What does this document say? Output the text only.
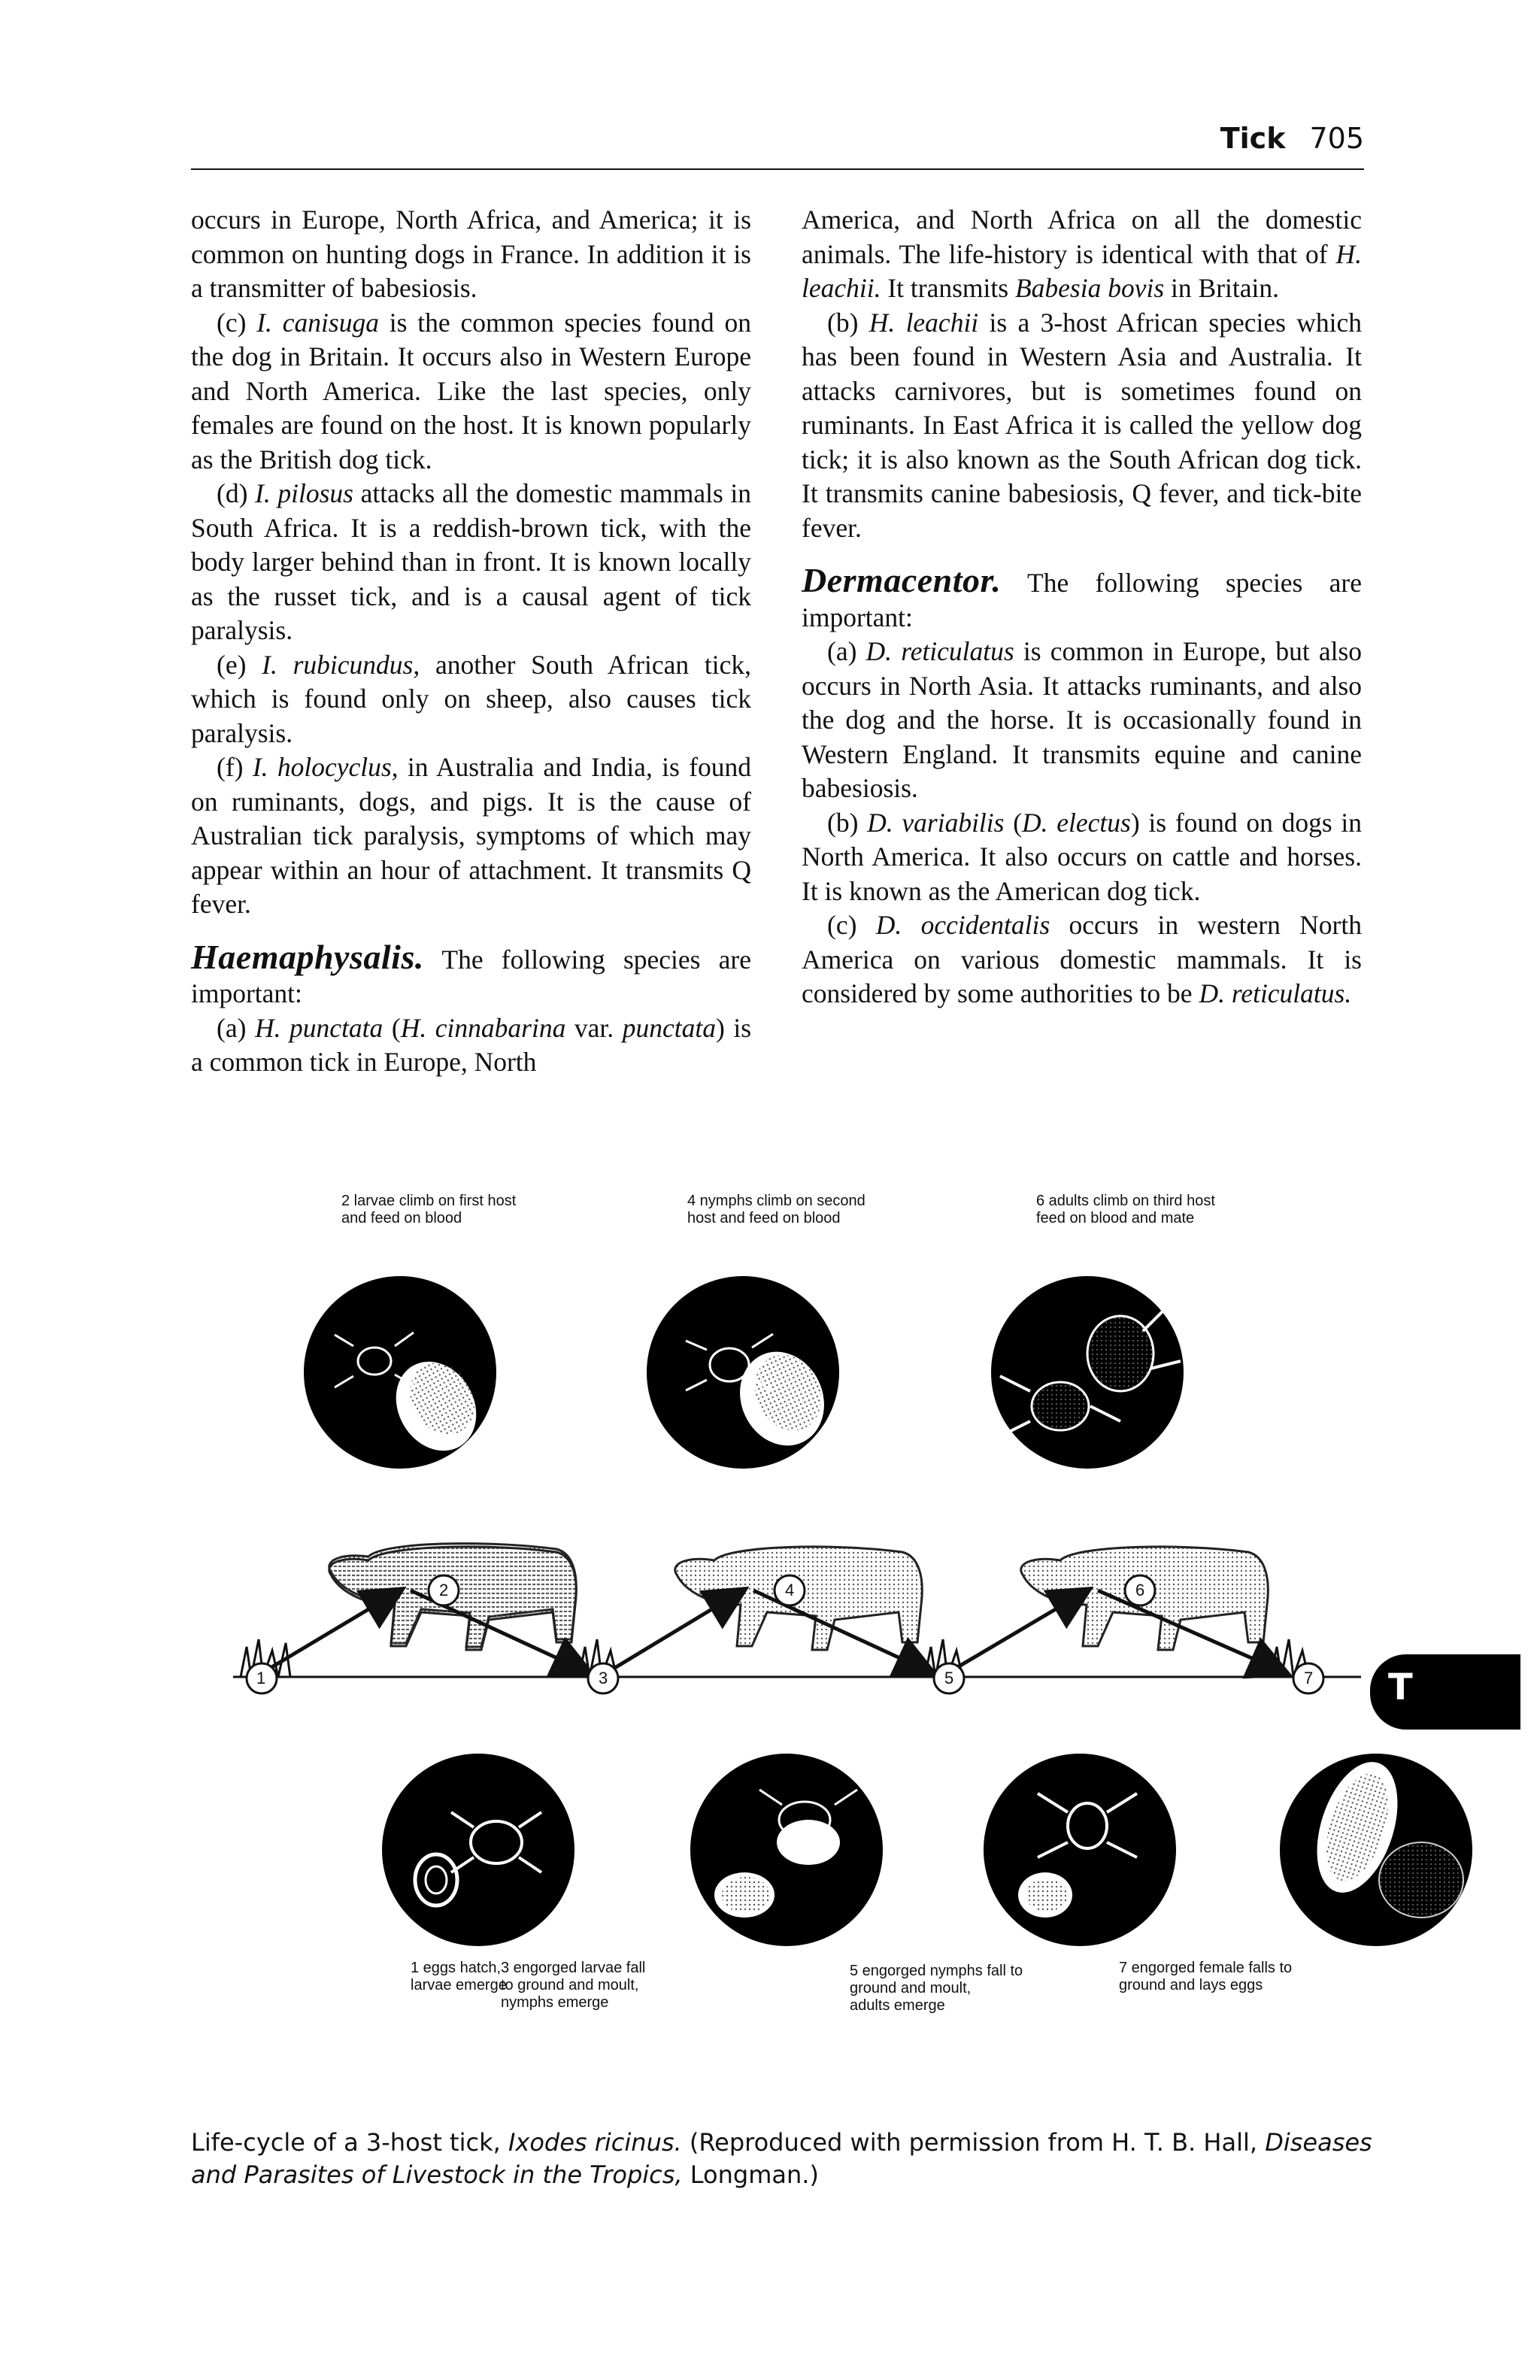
Tick 705

occurs in Europe, North Africa, and America; it is common on hunting dogs in France. In addition it is a transmitter of babesiosis.

(c) I. canisuga is the common species found on the dog in Britain. It occurs also in Western Europe and North America. Like the last species, only females are found on the host. It is known popularly as the British dog tick.

(d) I. pilosus attacks all the domestic mammals in South Africa. It is a reddish-brown tick, with the body larger behind than in front. It is known locally as the russet tick, and is a causal agent of tick paralysis.

(e) I. rubicundus, another South African tick, which is found only on sheep, also causes tick paralysis.

(f) I. holocyclus, in Australia and India, is found on ruminants, dogs, and pigs. It is the cause of Australian tick paralysis, symptoms of which may appear within an hour of attachment. It transmits Q fever.

Haemaphysalis. The following species are important:

(a) H. punctata (H. cinnabarina var. punctata) is a common tick in Europe, North

America, and North Africa on all the domestic animals. The life-history is identical with that of H. leachii. It transmits Babesia bovis in Britain.

(b) H. leachii is a 3-host African species which has been found in Western Asia and Australia. It attacks carnivores, but is sometimes found on ruminants. In East Africa it is called the yellow dog tick; it is also known as the South African dog tick. It transmits canine babesiosis, Q fever, and tick-bite fever.

Dermacentor. The following species are important:

(a) D. reticulatus is common in Europe, but also occurs in North Asia. It attacks ruminants, and also the dog and the horse. It is occasionally found in Western England. It transmits equine and canine babesiosis.

(b) D. variabilis (D. electus) is found on dogs in North America. It also occurs on cattle and horses. It is known as the American dog tick.

(c) D. occidentalis occurs in western North America on various domestic mammals. It is considered by some authorities to be D. reticulatus.

1
2
3
4
5
6
7
2 larvae climb on first host
and feed on blood
4 nymphs climb on second
host and feed on blood
6 adults climb on third host
feed on blood and mate
1 eggs hatch,
larvae emerge
3 engorged larvae fall
to ground and moult,
nymphs emerge
5 engorged nymphs fall to
ground and moult,
adults emerge
7 engorged female falls to
ground and lays eggs
T
Life-cycle of a 3-host tick, Ixodes ricinus. (Reproduced with permission from H. T. B. Hall, Diseases and Parasites of Livestock in the Tropics, Longman.)
